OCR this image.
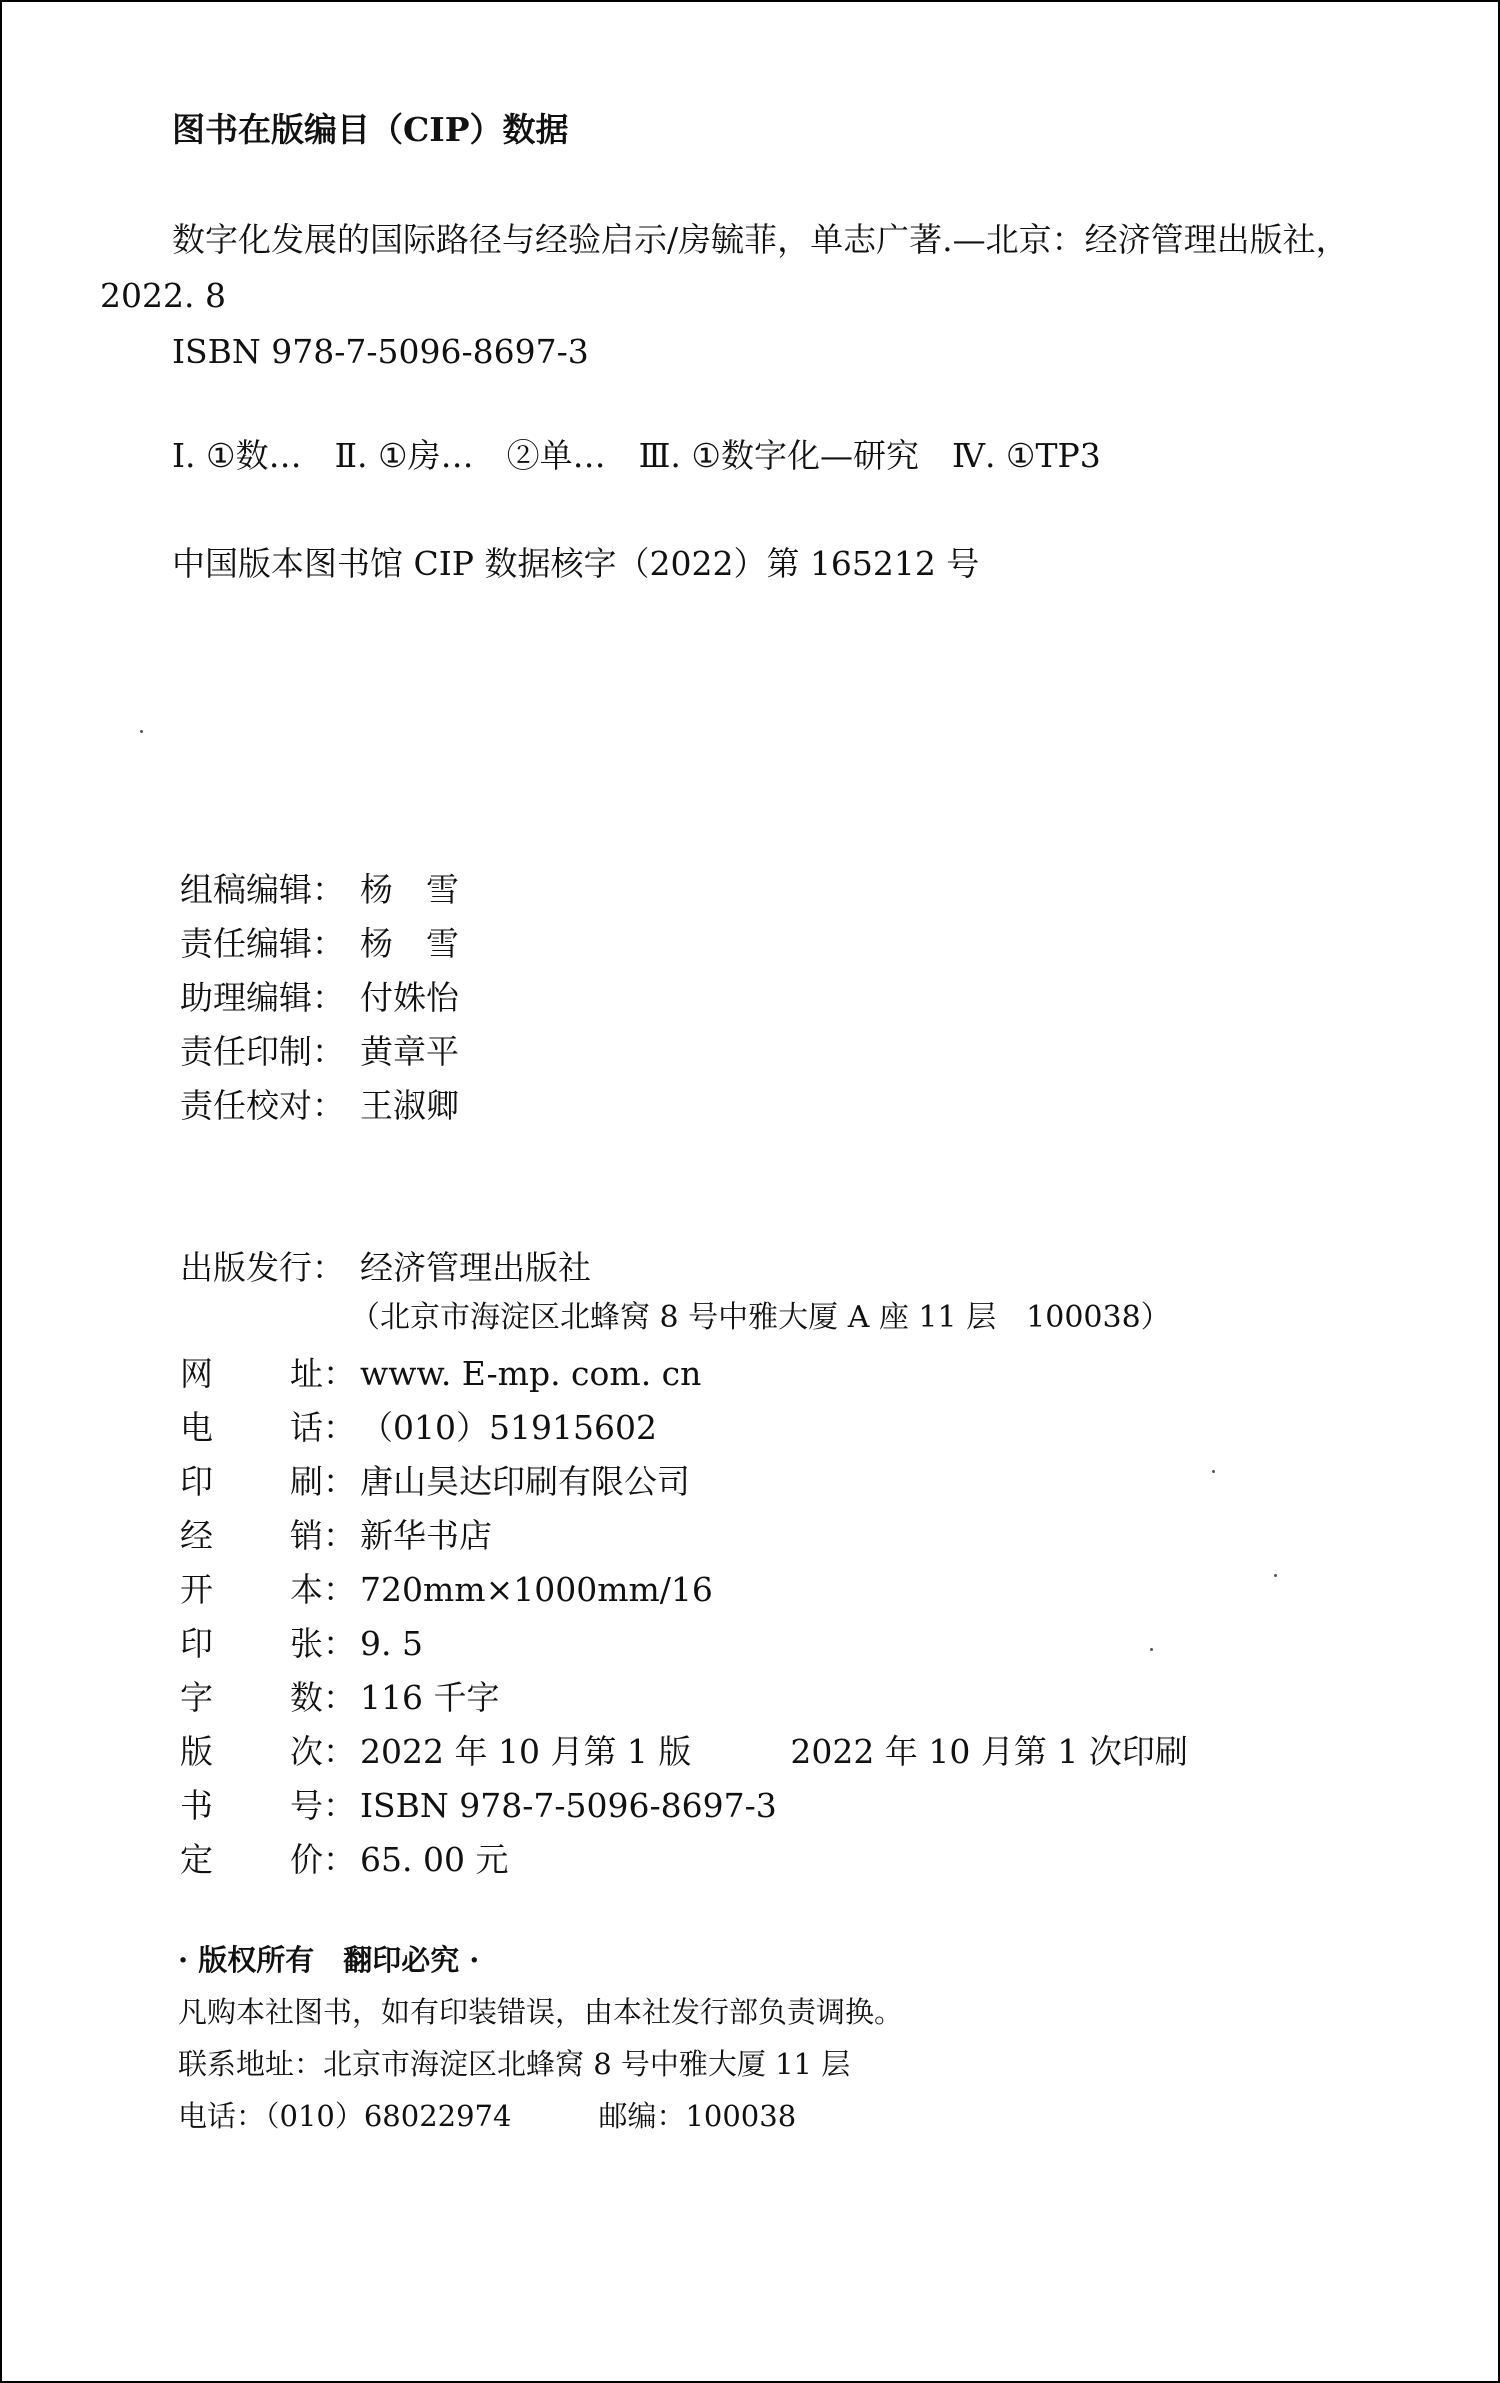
图书在版编目（CIP）数据
数字化发展的国际路径与经验启示/房毓菲，单志广著.—北京：经济管理出版社，
2022. 8
ISBN 978-7-5096-8697-3
Ⅰ. ①数…　Ⅱ. ①房…　②单…　Ⅲ. ①数字化—研究　Ⅳ. ①TP3
中国版本图书馆 CIP 数据核字（2022）第 165212 号
组稿编辑： 杨　雪
责任编辑： 杨　雪
助理编辑： 付姝怡
责任印制： 黄章平
责任校对： 王淑卿
出版发行： 经济管理出版社
（北京市海淀区北蜂窝 8 号中雅大厦 A 座 11 层　100038）
网 址： www. E-mp. com. cn
电 话： （010）51915602
印 刷： 唐山昊达印刷有限公司
经 销： 新华书店
开 本： 720mm×1000mm/16
印 张： 9. 5
字 数： 116 千字
版 次： 2022 年 10 月第 1 版　　　2022 年 10 月第 1 次印刷
书 号： ISBN 978-7-5096-8697-3
定 价： 65. 00 元
· 版权所有　翻印必究 ·
凡购本社图书，如有印装错误，由本社发行部负责调换。
联系地址：北京市海淀区北蜂窝 8 号中雅大厦 11 层
电话：（010）68022974　　　邮编：100038
